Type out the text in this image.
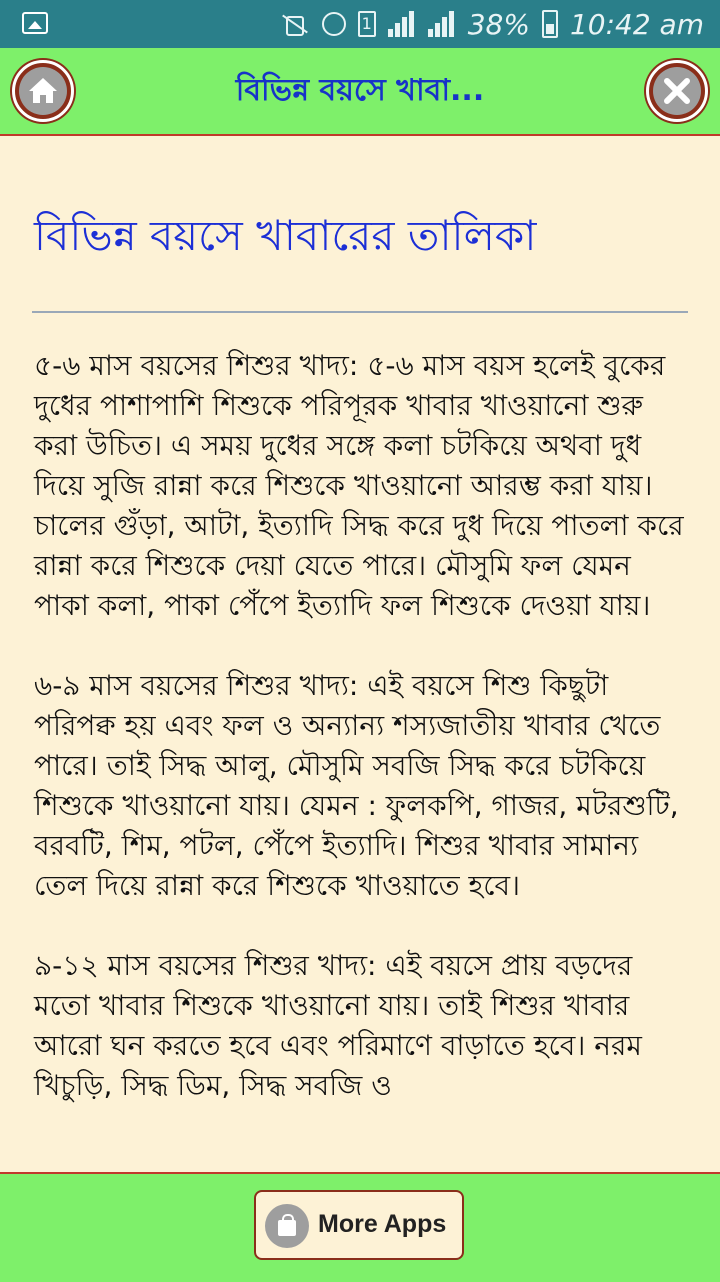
1	38% 10:42 am
বিভিন্ন বয়সে খাবা...
বিভিন্ন বয়সে খাবারের তালিকা

৫-৬ মাস বয়সের শিশুর খাদ্য: ৫-৬ মাস বয়স হলেই বুকের দুধের পাশাপাশি শিশুকে পরিপূরক খাবার খাওয়ানো শুরু করা উচিত। এ সময় দুধের সঙ্গে কলা চটকিয়ে অথবা দুধ দিয়ে সুজি রান্না করে শিশুকে খাওয়ানো আরম্ভ করা যায়। চালের গুঁড়া, আটা, ইত্যাদি সিদ্ধ করে দুধ দিয়ে পাতলা করে রান্না করে শিশুকে দেয়া যেতে পারে। মৌসুমি ফল যেমন পাকা কলা, পাকা পেঁপে ইত্যাদি ফল শিশুকে দেওয়া যায়।

৬-৯ মাস বয়সের শিশুর খাদ্য: এই বয়সে শিশু কিছুটা পরিপক্ব হয় এবং ফল ও অন্যান্য শস্যজাতীয় খাবার খেতে পারে। তাই সিদ্ধ আলু, মৌসুমি সবজি সিদ্ধ করে চটকিয়ে শিশুকে খাওয়ানো যায়। যেমন : ফুলকপি, গাজর, মটরশুটি, বরবটি, শিম, পটল, পেঁপে ইত্যাদি। শিশুর খাবার সামান্য তেল দিয়ে রান্না করে শিশুকে খাওয়াতে হবে।

৯-১২ মাস বয়সের শিশুর খাদ্য: এই বয়সে প্রায় বড়দের মতো খাবার শিশুকে খাওয়ানো যায়। তাই শিশুর খাবার আরো ঘন করতে হবে এবং পরিমাণে বাড়াতে হবে। নরম খিচুড়ি, সিদ্ধ ডিম, সিদ্ধ সবজি ও

More Apps
